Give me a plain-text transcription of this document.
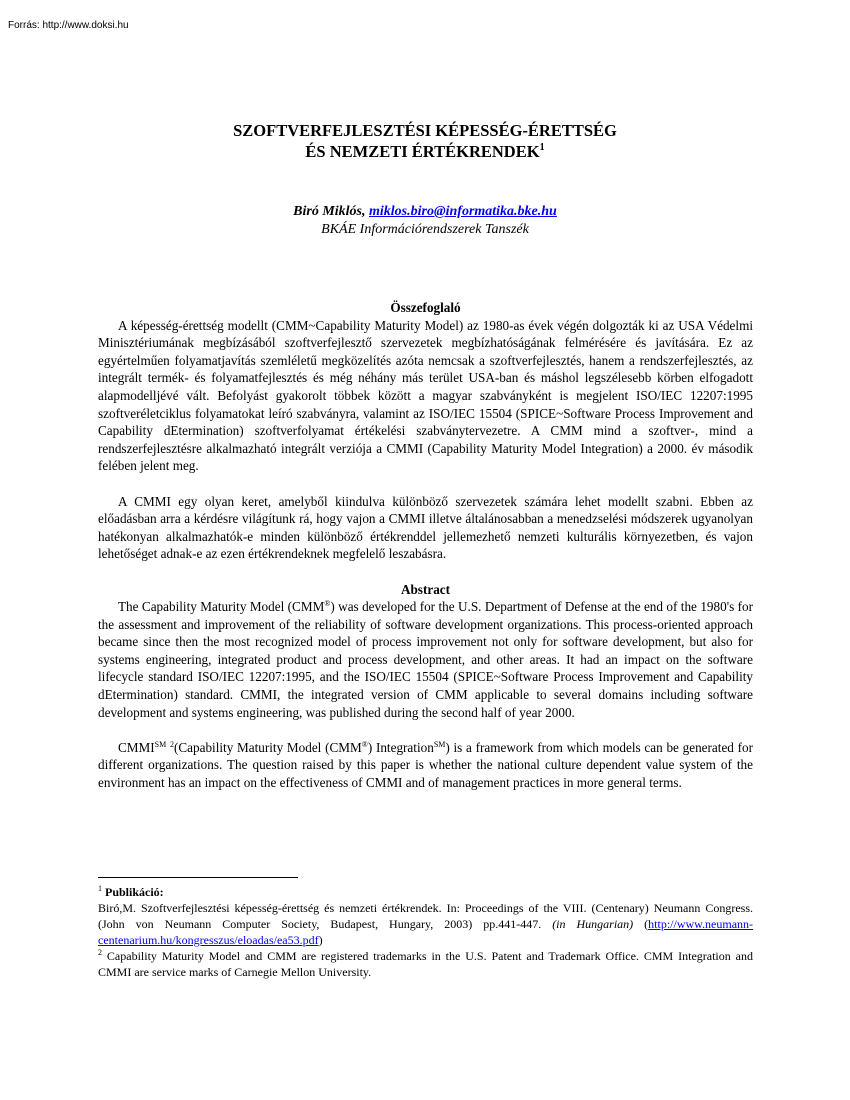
Forrás: http://www.doksi.hu
SZOFTVERFEJLESZTÉSI KÉPESSÉG-ÉRETTSÉG
ÉS NEMZETI ÉRTÉKRENDEK$^1$
Biró Miklós, miklos.biro@informatika.bke.hu
BKÁE Információrendszerek Tanszék

Összefoglaló

A képesség-érettség modellt (CMM~Capability Maturity Model) az 1980-as évek végén dolgozták ki az USA Védelmi Minisztériumának megbízásából szoftverfejlesztő szervezetek megbízhatóságának felmérésére és javítására. Ez az egyértelműen folyamatjavítás szemléletű megközelítés azóta nemcsak a szoftverfejlesztés, hanem a rendszerfejlesztés, az integrált termék- és folyamatfejlesztés és még néhány más terület USA-ban és máshol legszélesebb körben elfogadott alapmodelljévé vált. Befolyást gyakorolt többek között a magyar szabványként is megjelent ISO/IEC 12207:1995 szoftveréletciklus folyamatokat leíró szabványra, valamint az ISO/IEC 15504 (SPICE~Software Process Improvement and Capability dEtermination) szoftverfolyamat értékelési szabványtervezetre. A CMM mind a szoftver-, mind a rendszerfejlesztésre alkalmazható integrált verziója a CMMI (Capability Maturity Model Integration) a 2000. év második felében jelent meg.

A CMMI egy olyan keret, amelyből kiindulva különböző szervezetek számára lehet modellt szabni. Ebben az előadásban arra a kérdésre világítunk rá, hogy vajon a CMMI illetve általánosabban a menedzselési módszerek ugyanolyan hatékonyan alkalmazhatók-e minden különböző értékrenddel jellemezhető nemzeti kulturális környezetben, és vajon lehetőséget adnak-e az ezen értékrendeknek megfelelő leszabásra.

Abstract

The Capability Maturity Model (CMM®) was developed for the U.S. Department of Defense at the end of the 1980's for the assessment and improvement of the reliability of software development organizations. This process-oriented approach became since then the most recognized model of process improvement not only for software development, but also for systems engineering, integrated product and process development, and other areas. It had an impact on the software lifecycle standard ISO/IEC 12207:1995, and the ISO/IEC 15504 (SPICE~Software Process Improvement and Capability dEtermination) standard. CMMI, the integrated version of CMM applicable to several domains including software development and systems engineering, was published during the second half of year 2000.

CMMI℠ $^2$(Capability Maturity Model (CMM®) Integration℠) is a framework from which models can be generated for different organizations. The question raised by this paper is whether the national culture dependent value system of the environment has an impact on the effectiveness of CMMI and of management practices in more general terms.

$^1$ Publikáció:

Biró,M. Szoftverfejlesztési képesség-érettség és nemzeti értékrendek. In: Proceedings of the VIII. (Centenary) Neumann Congress. (John von Neumann Computer Society, Budapest, Hungary, 2003) pp.441-447. (in Hungarian) (http://www.neumann-centenarium.hu/kongresszus/eloadas/ea53.pdf)

$^2$ Capability Maturity Model and CMM are registered trademarks in the U.S. Patent and Trademark Office. CMM Integration and CMMI are service marks of Carnegie Mellon University.
